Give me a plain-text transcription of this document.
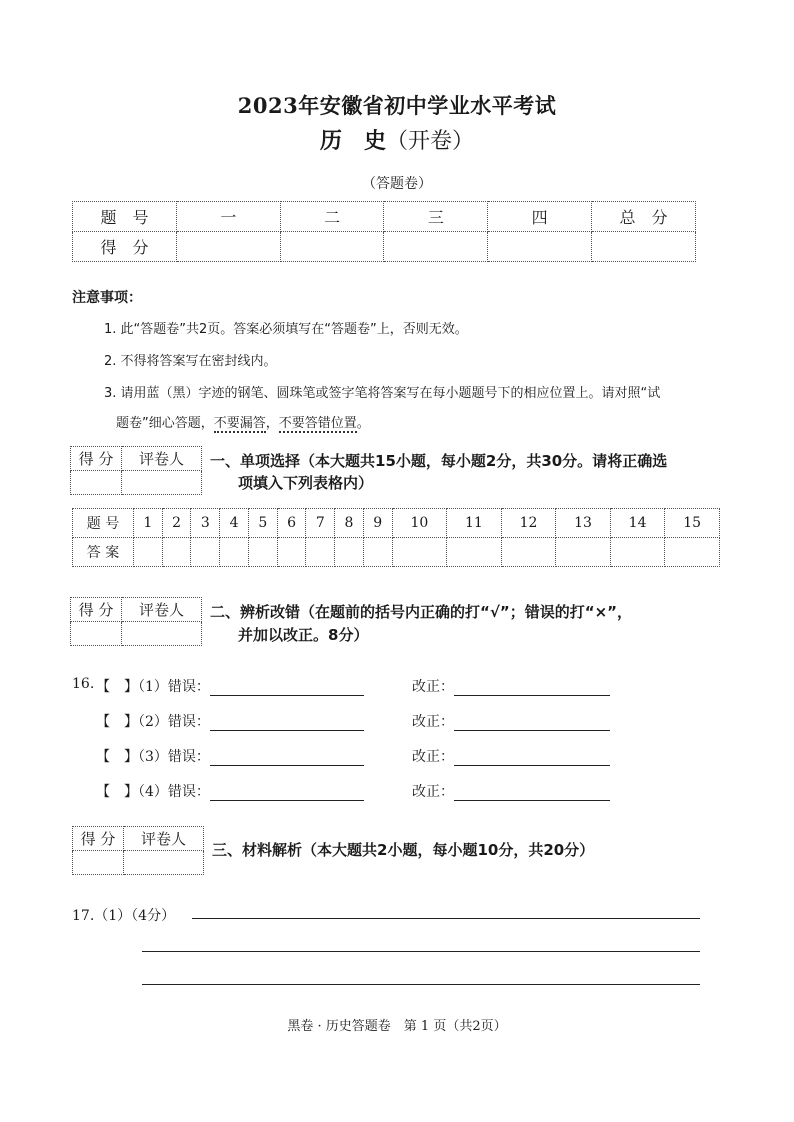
2023年安徽省初中学业水平考试
历　史（开卷）
（答题卷）
题　号	一	二	三	四	总　分
得　分					
注意事项：
1. 此“答题卷”共2页。答案必须填写在“答题卷”上，否则无效。
2. 不得将答案写在密封线内。
3. 请用蓝（黑）字迹的钢笔、圆珠笔或签字笔将答案写在每小题题号下的相应位置上。请对照“试
题卷”细心答题，不要漏答，不要答错位置。
得 分	评卷人
	一、单项选择（本大题共15小题，每小题2分，共30分。请将正确选
项填入下列表格内）
题 号	1	2	3	4	5	6	7	8	9	10	11	12	13	14	15
答 案															
得 分	评卷人
	二、辨析改错（在题前的括号内正确的打“√”；错误的打“×”，
并加以改正。8分）
16. 【　】（1）错误：	改正：
【　】（2）错误：	改正：
【　】（3）错误：	改正：
【　】（4）错误：	改正：
得 分	评卷人

三、材料解析（本大题共2小题，每小题10分，共20分）
17.（1）（4分）
黑卷 · 历史答题卷　第 1 页（共2页）
